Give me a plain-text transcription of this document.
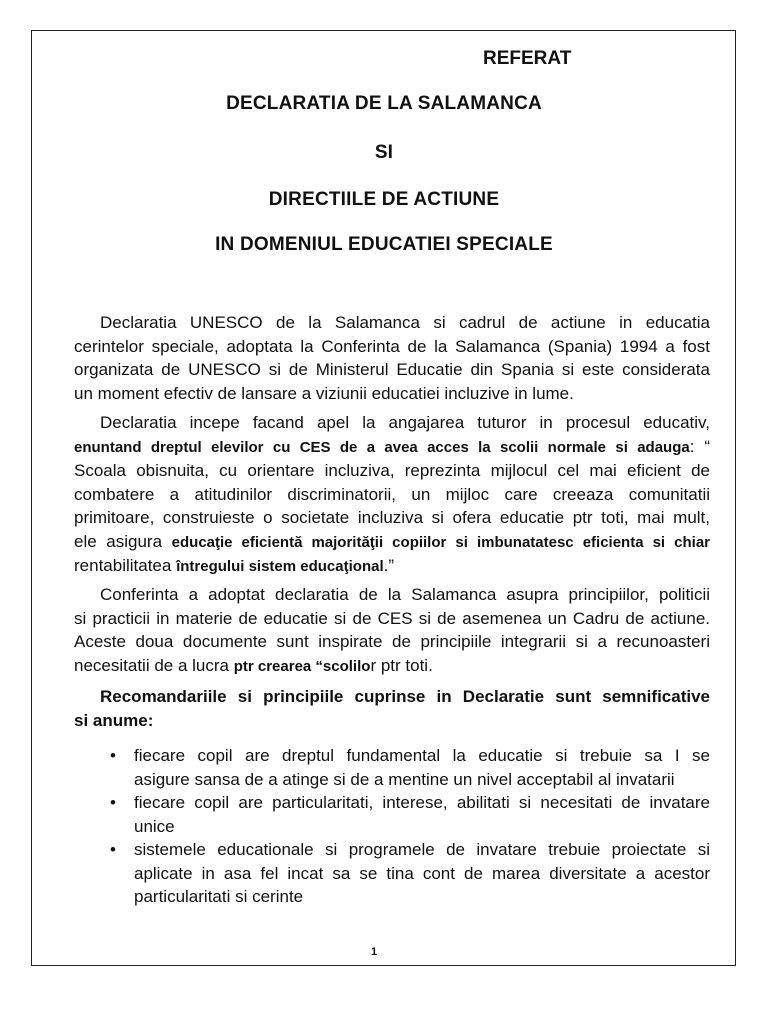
REFERAT
DECLARATIA DE LA SALAMANCA
SI
DIRECTIILE DE ACTIUNE
IN DOMENIUL EDUCATIEI SPECIALE
Declaratia UNESCO de la Salamanca si cadrul de actiune in educatia
cerintelor speciale, adoptata la Conferinta de la Salamanca (Spania) 1994 a fost
organizata de UNESCO si de Ministerul Educatie din Spania si este considerata
un moment efectiv de lansare a viziunii educatiei incluzive in lume.
Declaratia incepe facand apel la angajarea tuturor in procesul educativ,
enuntand dreptul elevilor cu CES de a avea acces la scolii normale si adauga: “
Scoala obisnuita, cu orientare incluziva, reprezinta mijlocul cel mai eficient de
combatere a atitudinilor discriminatorii, un mijloc care creeaza comunitatii
primitoare, construieste o societate incluziva si ofera educatie ptr toti, mai mult,
ele asigura educaţie eficientă majorităţii copiilor si imbunatatesc eficienta si chiar
rentabilitatea întregului sistem educaţional.”
Conferinta a adoptat declaratia de la Salamanca asupra principiilor, politicii
si practicii in materie de educatie si de CES si de asemenea un Cadru de actiune.
Aceste doua documente sunt inspirate de principiile integrarii si a recunoasteri
necesitatii de a lucra ptr crearea “scolilor ptr toti.
Recomandariile si principiile cuprinse in Declaratie sunt semnificative
si anume:
• fiecare copil are dreptul fundamental la educatie si trebuie sa I se
asigure sansa de a atinge si de a mentine un nivel acceptabil al invatarii
• fiecare copil are particularitati, interese, abilitati si necesitati de invatare
unice
• sistemele educationale si programele de invatare trebuie proiectate si
aplicate in asa fel incat sa se tina cont de marea diversitate a acestor
particularitati si cerinte
1
